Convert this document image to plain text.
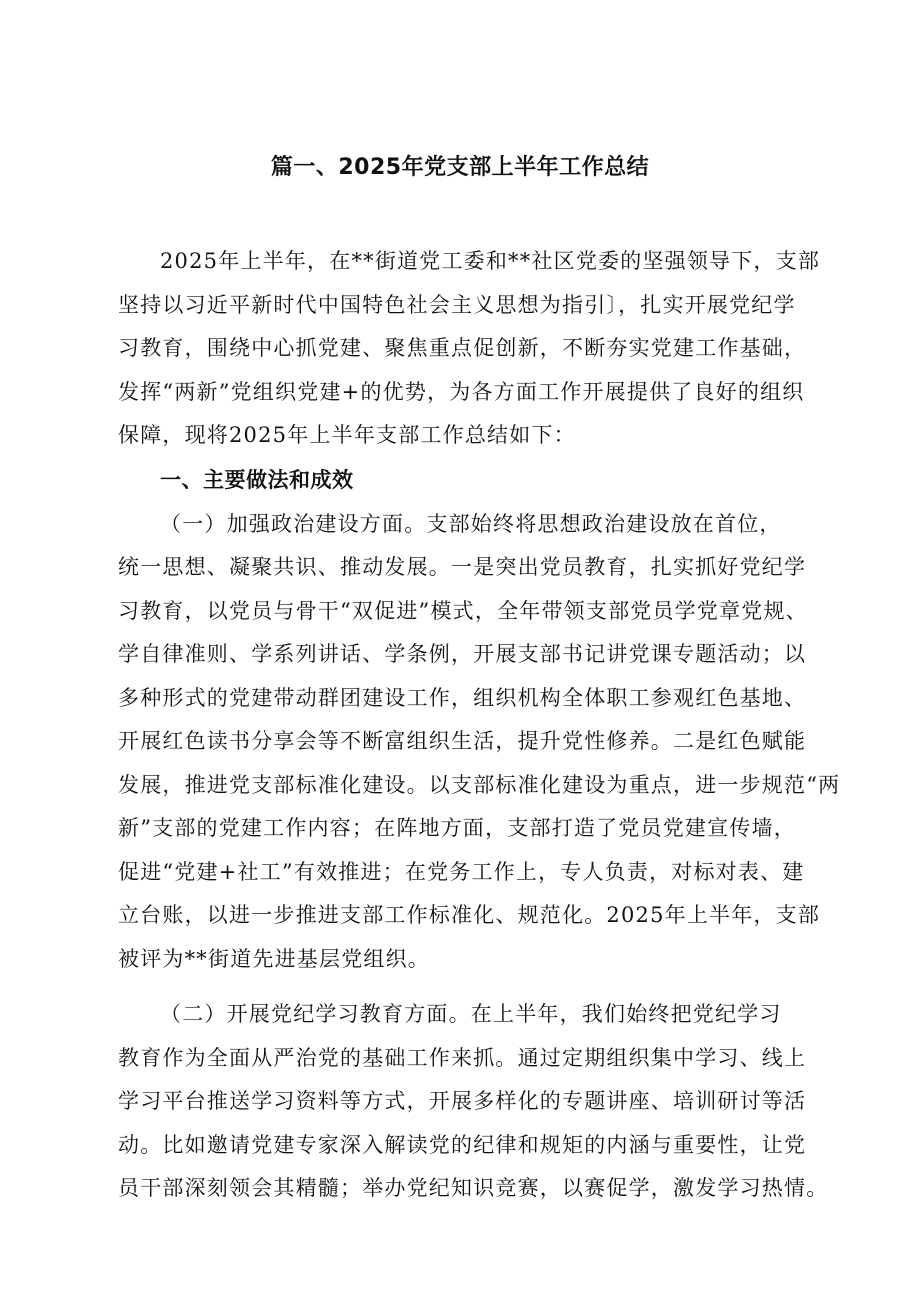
篇一、2025年党支部上半年工作总结
2025年上半年，在**街道党工委和**社区党委的坚强领导下，支部
坚持以习近平新时代中国特色社会主义思想为指引〕，扎实开展党纪学
习教育，围绕中心抓党建、聚焦重点促创新，不断夯实党建工作基础，
发挥“两新”党组织党建+的优势，为各方面工作开展提供了良好的组织
保障，现将2025年上半年支部工作总结如下：
一、主要做法和成效
（一）加强政治建设方面。支部始终将思想政治建设放在首位，
统一思想、凝聚共识、推动发展。一是突出党员教育，扎实抓好党纪学
习教育，以党员与骨干“双促进”模式，全年带领支部党员学党章党规、
学自律准则、学系列讲话、学条例，开展支部书记讲党课专题活动；以
多种形式的党建带动群团建设工作，组织机构全体职工参观红色基地、
开展红色读书分享会等不断富组织生活，提升党性修养。二是红色赋能
发展，推进党支部标准化建设。以支部标准化建设为重点，进一步规范“两
新”支部的党建工作内容；在阵地方面，支部打造了党员党建宣传墙，
促进“党建+社工”有效推进；在党务工作上，专人负责，对标对表、建
立台账，以进一步推进支部工作标准化、规范化。2025年上半年，支部
被评为**街道先进基层党组织。
（二）开展党纪学习教育方面。在上半年，我们始终把党纪学习
教育作为全面从严治党的基础工作来抓。通过定期组织集中学习、线上
学习平台推送学习资料等方式，开展多样化的专题讲座、培训研讨等活
动。比如邀请党建专家深入解读党的纪律和规矩的内涵与重要性，让党
员干部深刻领会其精髓；举办党纪知识竞赛，以赛促学，激发学习热情。
